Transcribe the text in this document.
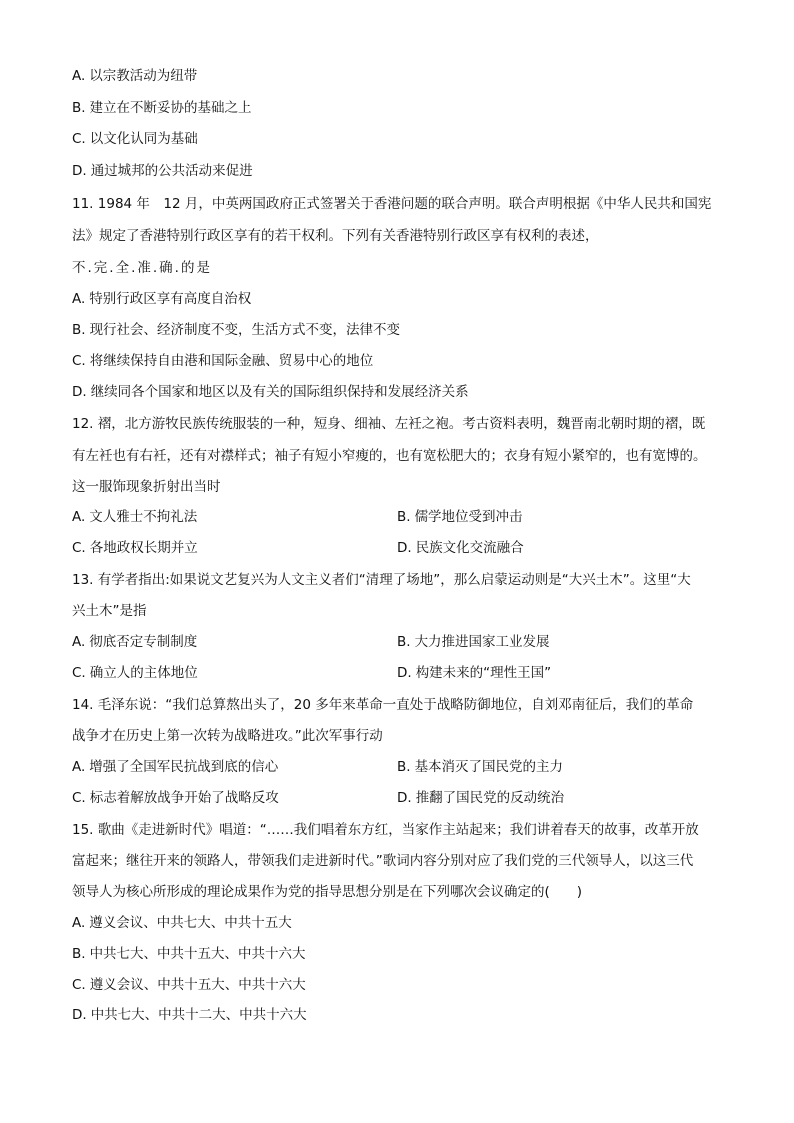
A. 以宗教活动为纽带
B. 建立在不断妥协的基础之上
C. 以文化认同为基础
D. 通过城邦的公共活动来促进
11. 1984 年　12 月，中英两国政府正式签署关于香港问题的联合声明。联合声明根据《中华人民共和国宪
法》规定了香港特别行政区享有的若干权利。下列有关香港特别行政区享有权利的表述，
不.完.全.准.确.的是
A. 特别行政区享有高度自治权
B. 现行社会、经济制度不变，生活方式不变，法律不变
C. 将继续保持自由港和国际金融、贸易中心的地位
D. 继续同各个国家和地区以及有关的国际组织保持和发展经济关系
12. 褶，北方游牧民族传统服装的一种，短身、细袖、左衽之袍。考古资料表明，魏晋南北朝时期的褶，既
有左衽也有右衽，还有对襟样式；袖子有短小窄瘦的，也有宽松肥大的；衣身有短小紧窄的，也有宽博的。
这一服饰现象折射出当时
A. 文人雅士不拘礼法	B. 儒学地位受到冲击
C. 各地政权长期并立	D. 民族文化交流融合
13. 有学者指出:如果说文艺复兴为人文主义者们“清理了场地”，那么启蒙运动则是“大兴土木”。这里“大
兴土木”是指
A. 彻底否定专制制度	B. 大力推进国家工业发展
C. 确立人的主体地位	D. 构建未来的“理性王国”
14. 毛泽东说：“我们总算熬出头了，20 多年来革命一直处于战略防御地位，自刘邓南征后，我们的革命
战争才在历史上第一次转为战略进攻。”此次军事行动
A. 增强了全国军民抗战到底的信心	B. 基本消灭了国民党的主力
C. 标志着解放战争开始了战略反攻	D. 推翻了国民党的反动统治
15. 歌曲《走进新时代》唱道：“……我们唱着东方红，当家作主站起来；我们讲着春天的故事，改革开放
富起来；继往开来的领路人，带领我们走进新时代。”歌词内容分别对应了我们党的三代领导人，以这三代
领导人为核心所形成的理论成果作为党的指导思想分别是在下列哪次会议确定的(　　)
A. 遵义会议、中共七大、中共十五大
B. 中共七大、中共十五大、中共十六大
C. 遵义会议、中共十五大、中共十六大
D. 中共七大、中共十二大、中共十六大
